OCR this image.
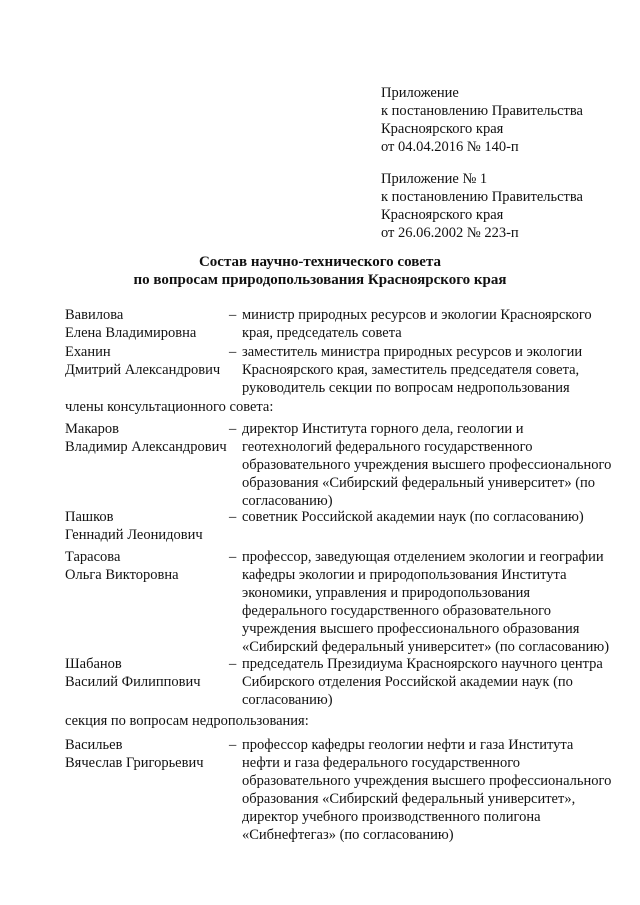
Приложение
к постановлению Правительства
Красноярского края
от 04.04.2016 № 140-п
Приложение № 1
к постановлению Правительства
Красноярского края
от 26.06.2002 № 223-п
Состав научно-технического совета
по вопросам природопользования Красноярского края
Вавилова
Елена Владимировна
– министр природных ресурсов и экологии Красноярского края, председатель совета
Еханин
Дмитрий Александрович
– заместитель министра природных ресурсов и экологии Красноярского края, заместитель председателя совета, руководитель секции по вопросам недропользования
члены консультационного совета:
Макаров
Владимир Александрович
– директор Института горного дела, геологии и геотехнологий федерального государственного образовательного учреждения высшего профессионального образования «Сибирский федеральный университет» (по согласованию)
Пашков
Геннадий Леонидович
– советник Российской академии наук (по согласованию)
Тарасова
Ольга Викторовна
– профессор, заведующая отделением экологии и географии кафедры экологии и природопользования Института экономики, управления и природопользования федерального государственного образовательного учреждения высшего профессионального образования «Сибирский федеральный университет» (по согласованию)
Шабанов
Василий Филиппович
– председатель Президиума Красноярского научного центра Сибирского отделения Российской академии наук (по согласованию)
секция по вопросам недропользования:
Васильев
Вячеслав Григорьевич
– профессор кафедры геологии нефти и газа Института нефти и газа федерального государственного образовательного учреждения высшего профессионального образования «Сибирский федеральный университет», директор учебного производственного полигона «Сибнефтегаз» (по согласованию)
